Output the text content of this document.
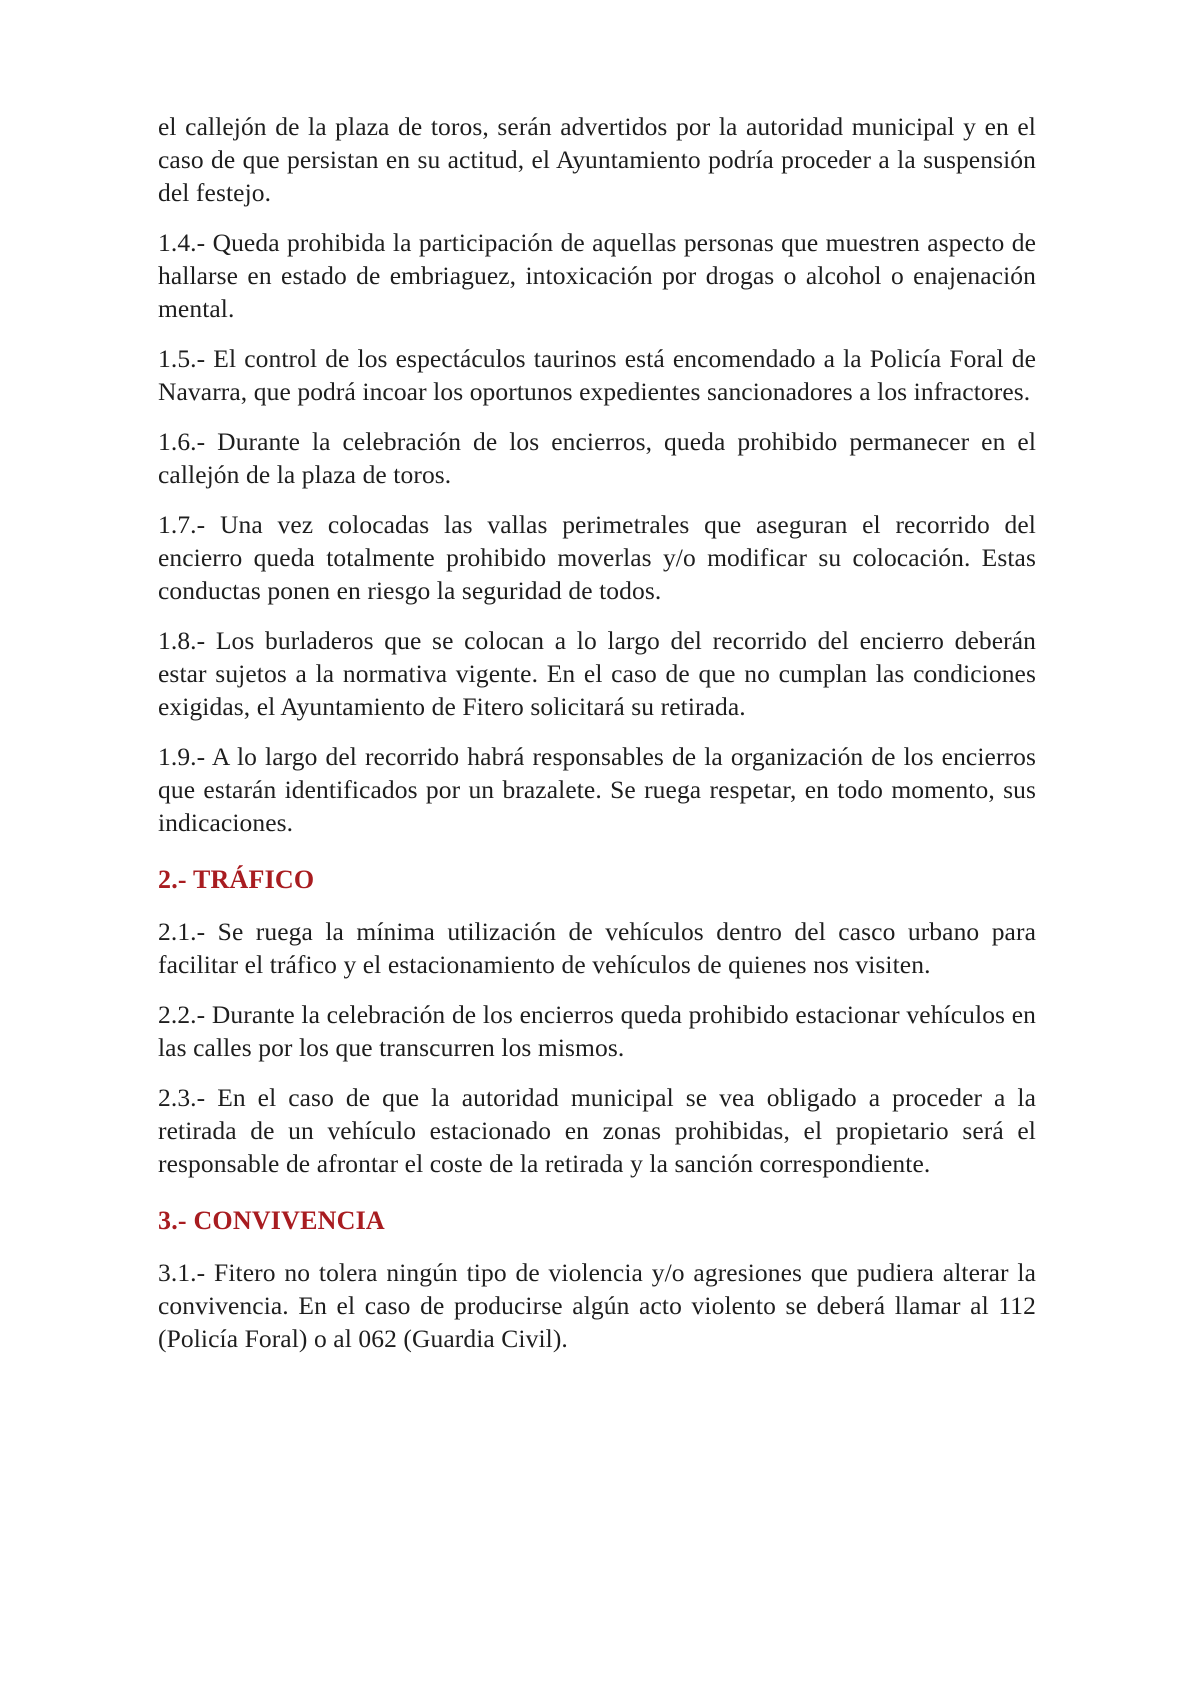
el callejón de la plaza de toros, serán advertidos por la autoridad municipal y en el caso de que persistan en su actitud, el Ayuntamiento podría proceder a la suspensión del festejo.

1.4.- Queda prohibida la participación de aquellas personas que muestren aspecto de hallarse en estado de embriaguez, intoxicación por drogas o alcohol o enajenación mental.

1.5.- El control de los espectáculos taurinos está encomendado a la Policía Foral de Navarra, que podrá incoar los oportunos expedientes sancionadores a los infractores.

1.6.- Durante la celebración de los encierros, queda prohibido permanecer en el callejón de la plaza de toros.

1.7.- Una vez colocadas las vallas perimetrales que aseguran el recorrido del encierro queda totalmente prohibido moverlas y/o modificar su colocación. Estas conductas ponen en riesgo la seguridad de todos.

1.8.- Los burladeros que se colocan a lo largo del recorrido del encierro deberán estar sujetos a la normativa vigente. En el caso de que no cumplan las condiciones exigidas, el Ayuntamiento de Fitero solicitará su retirada.

1.9.- A lo largo del recorrido habrá responsables de la organización de los encierros que estarán identificados por un brazalete. Se ruega respetar, en todo momento, sus indicaciones.

2.- TRÁFICO

2.1.- Se ruega la mínima utilización de vehículos dentro del casco urbano para facilitar el tráfico y el estacionamiento de vehículos de quienes nos visiten.

2.2.- Durante la celebración de los encierros queda prohibido estacionar vehículos en las calles por los que transcurren los mismos.

2.3.- En el caso de que la autoridad municipal se vea obligado a proceder a la retirada de un vehículo estacionado en zonas prohibidas, el propietario será el responsable de afrontar el coste de la retirada y la sanción correspondiente.

3.- CONVIVENCIA

3.1.- Fitero no tolera ningún tipo de violencia y/o agresiones que pudiera alterar la convivencia. En el caso de producirse algún acto violento se deberá llamar al 112 (Policía Foral) o al 062 (Guardia Civil).
